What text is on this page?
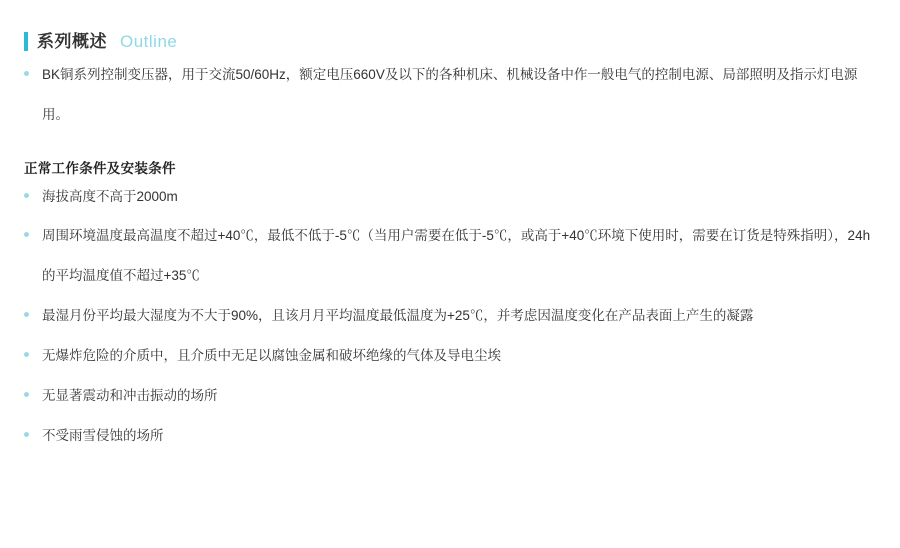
系列概述 Outline
BK铜系列控制变压器，用于交流50/60Hz，额定电压660V及以下的各种机床、机械设备中作一般电气的控制电源、局部照明及指示灯电源用。
正常工作条件及安装条件
海拔高度不高于2000m
周围环境温度最高温度不超过+40℃，最低不低于-5℃（当用户需要在低于-5℃，或高于+40℃环境下使用时，需要在订货是特殊指明），24h的平均温度值不超过+35℃
最湿月份平均最大湿度为不大于90%，且该月月平均温度最低温度为+25℃，并考虑因温度变化在产品表面上产生的凝露
无爆炸危险的介质中，且介质中无足以腐蚀金属和破坏绝缘的气体及导电尘埃
无显著震动和冲击振动的场所
不受雨雪侵蚀的场所
